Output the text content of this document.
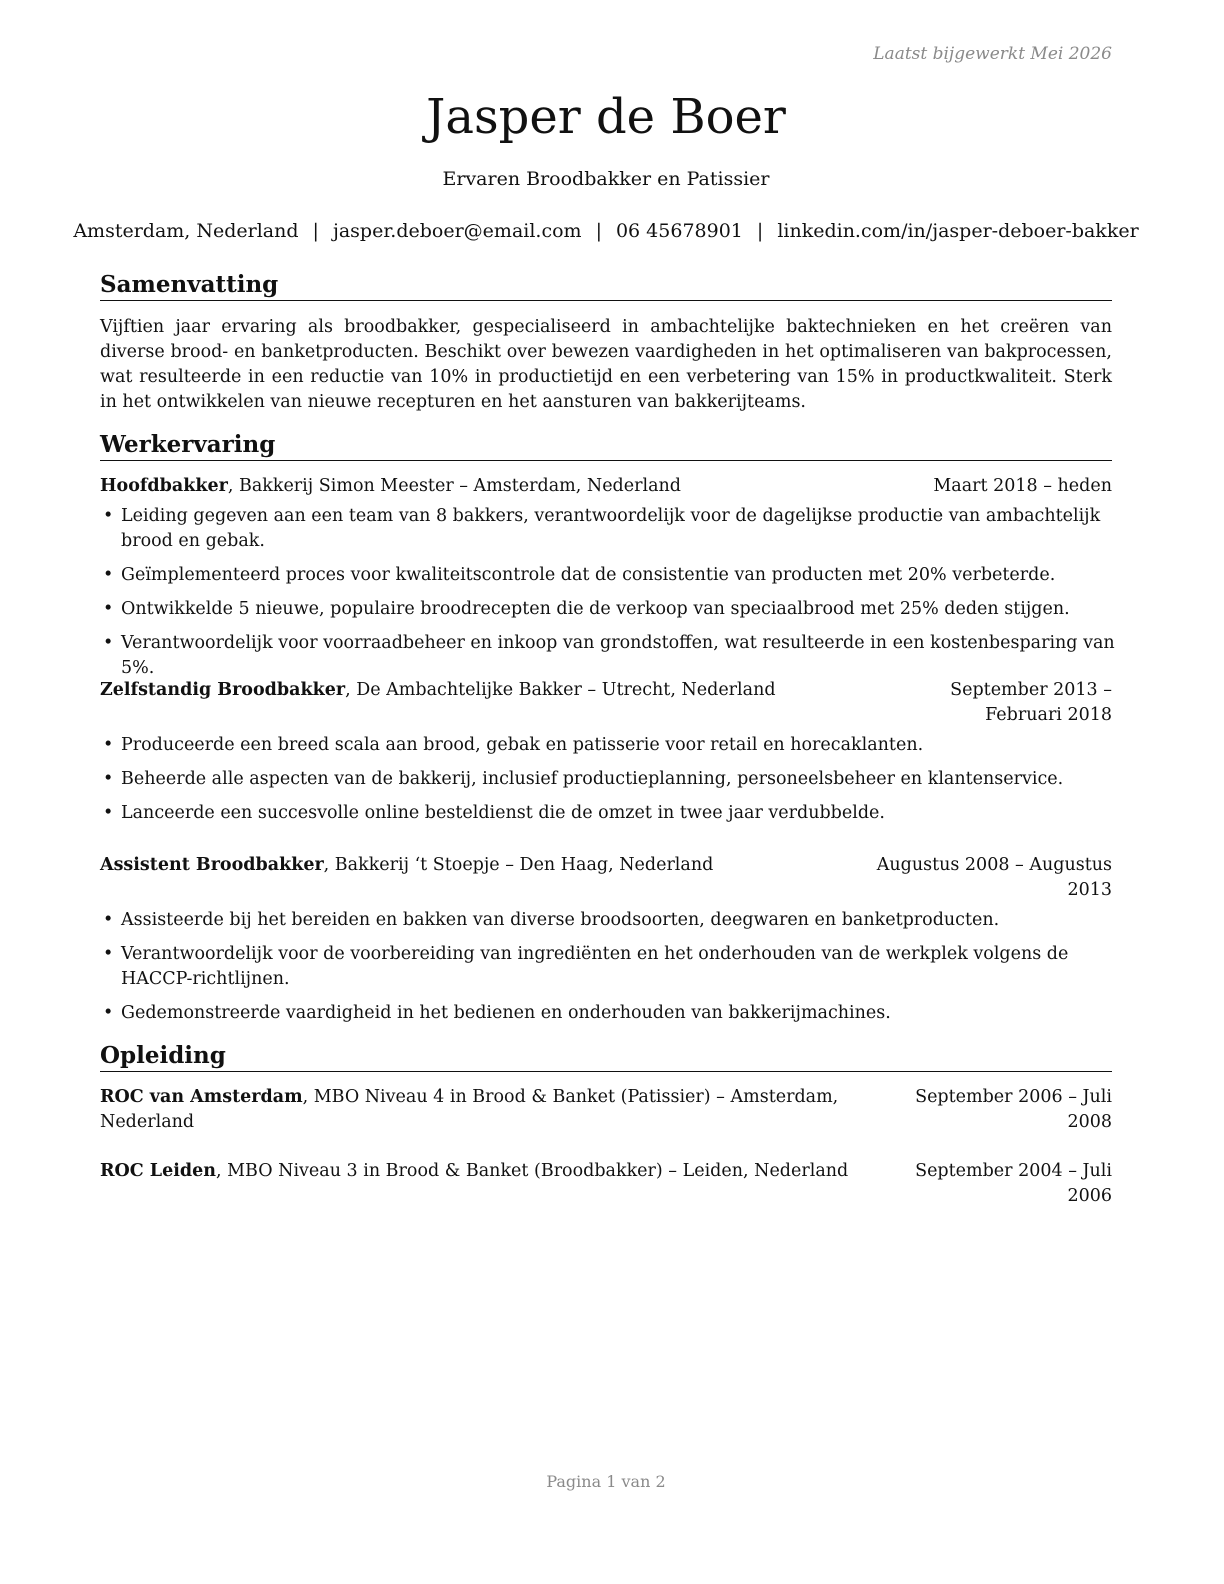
Laatst bijgewerkt Mei 2026
Jasper de Boer
Ervaren Broodbakker en Patissier
Amsterdam, Nederland | jasper.deboer@email.com | 06 45678901 | linkedin.com/in/jasper-deboer-bakker
Samenvatting

Vijftien jaar ervaring als broodbakker, gespecialiseerd in ambachtelijke baktechnieken en het creëren van diverse brood- en banketproducten. Beschikt over bewezen vaardigheden in het optimaliseren van bakprocessen, wat resulteerde in een reductie van 10% in productietijd en een verbetering van 15% in productkwaliteit. Sterk in het ontwikkelen van nieuwe recepturen en het aansturen van bakkerijteams.

Werkervaring
Hoofdbakker, Bakkerij Simon Meester – Amsterdam, Nederland	Maart 2018 – heden
• Leiding gegeven aan een team van 8 bakkers, verantwoordelijk voor de dagelijkse productie van ambachtelijk brood en gebak.
• Geïmplementeerd proces voor kwaliteitscontrole dat de consistentie van producten met 20% verbeterde.
• Ontwikkelde 5 nieuwe, populaire broodrecepten die de verkoop van speciaalbrood met 25% deden stijgen.
• Verantwoordelijk voor voorraadbeheer en inkoop van grondstoffen, wat resulteerde in een kostenbesparing van 5%.
Zelfstandig Broodbakker, De Ambachtelijke Bakker – Utrecht, Nederland	September 2013 – Februari 2018
• Produceerde een breed scala aan brood, gebak en patisserie voor retail en horecaklanten.
• Beheerde alle aspecten van de bakkerij, inclusief productieplanning, personeelsbeheer en klantenservice.
• Lanceerde een succesvolle online besteldienst die de omzet in twee jaar verdubbelde.
Assistent Broodbakker, Bakkerij ‘t Stoepje – Den Haag, Nederland	Augustus 2008 – Augustus 2013
• Assisteerde bij het bereiden en bakken van diverse broodsoorten, deegwaren en banketproducten.
• Verantwoordelijk voor de voorbereiding van ingrediënten en het onderhouden van de werkplek volgens de HACCP-richtlijnen.
• Gedemonstreerde vaardigheid in het bedienen en onderhouden van bakkerijmachines.
Opleiding
ROC van Amsterdam, MBO Niveau 4 in Brood & Banket (Patissier) – Amsterdam, Nederland
September 2006 – Juli 2008
ROC Leiden, MBO Niveau 3 in Brood & Banket (Broodbakker) – Leiden, Nederland	September 2004 – Juli 2006
Pagina 1 van 2
